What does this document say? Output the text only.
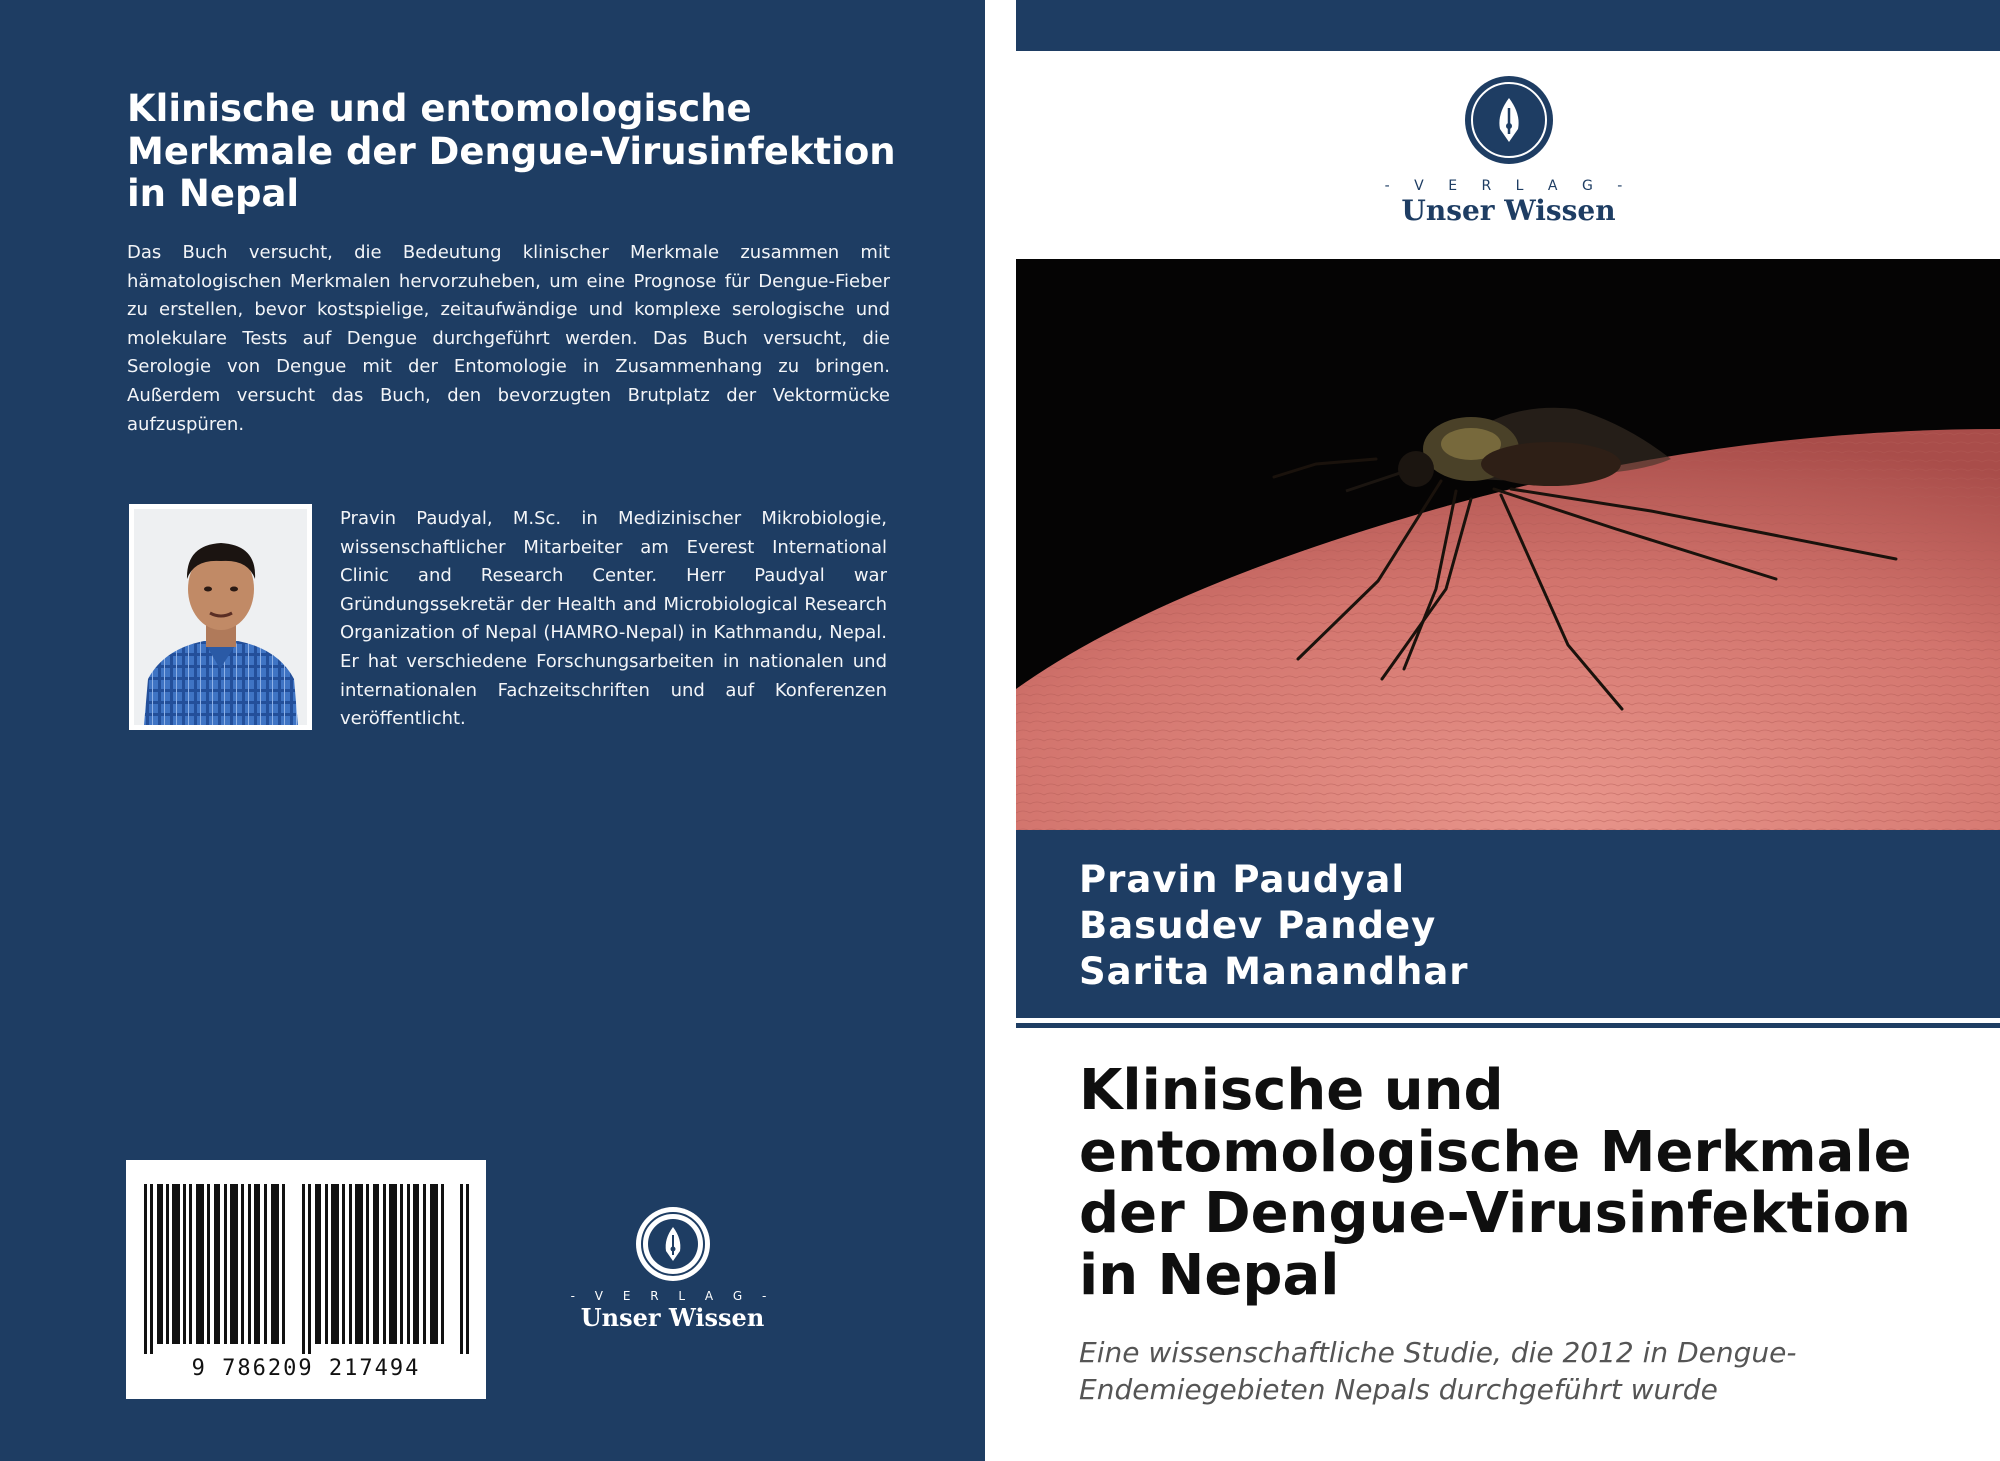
Klinische und entomologische Merkmale der Dengue-Virusinfektion in Nepal

Das Buch versucht, die Bedeutung klinischer Merkmale zusammen mit hämatologischen Merkmalen hervorzuheben, um eine Prognose für Dengue-Fieber zu erstellen, bevor kostspielige, zeitaufwändige und komplexe serologische und molekulare Tests auf Dengue durchgeführt werden. Das Buch versucht, die Serologie von Dengue mit der Entomologie in Zusammenhang zu bringen. Außerdem versucht das Buch, den bevorzugten Brutplatz der Vektormücke aufzuspüren.

Pravin Paudyal, M.Sc. in Medizinischer Mikrobiologie, wissenschaftlicher Mitarbeiter am Everest International Clinic and Research Center. Herr Paudyal war Gründungssekretär der Health and Microbiological Research Organization of Nepal (HAMRO-Nepal) in Kathmandu, Nepal. Er hat verschiedene Forschungsarbeiten in nationalen und internationalen Fachzeitschriften und auf Konferenzen veröffentlicht.

9 786209 217494
- V E R L A G -
Unser Wissen
- V E R L A G -
Unser Wissen
Pravin Paudyal
Basudev Pandey
Sarita Manandhar
Klinische und entomologische Merkmale der Dengue-Virusinfektion in Nepal

Eine wissenschaftliche Studie, die 2012 in Dengue-Endemiegebieten Nepals durchgeführt wurde
